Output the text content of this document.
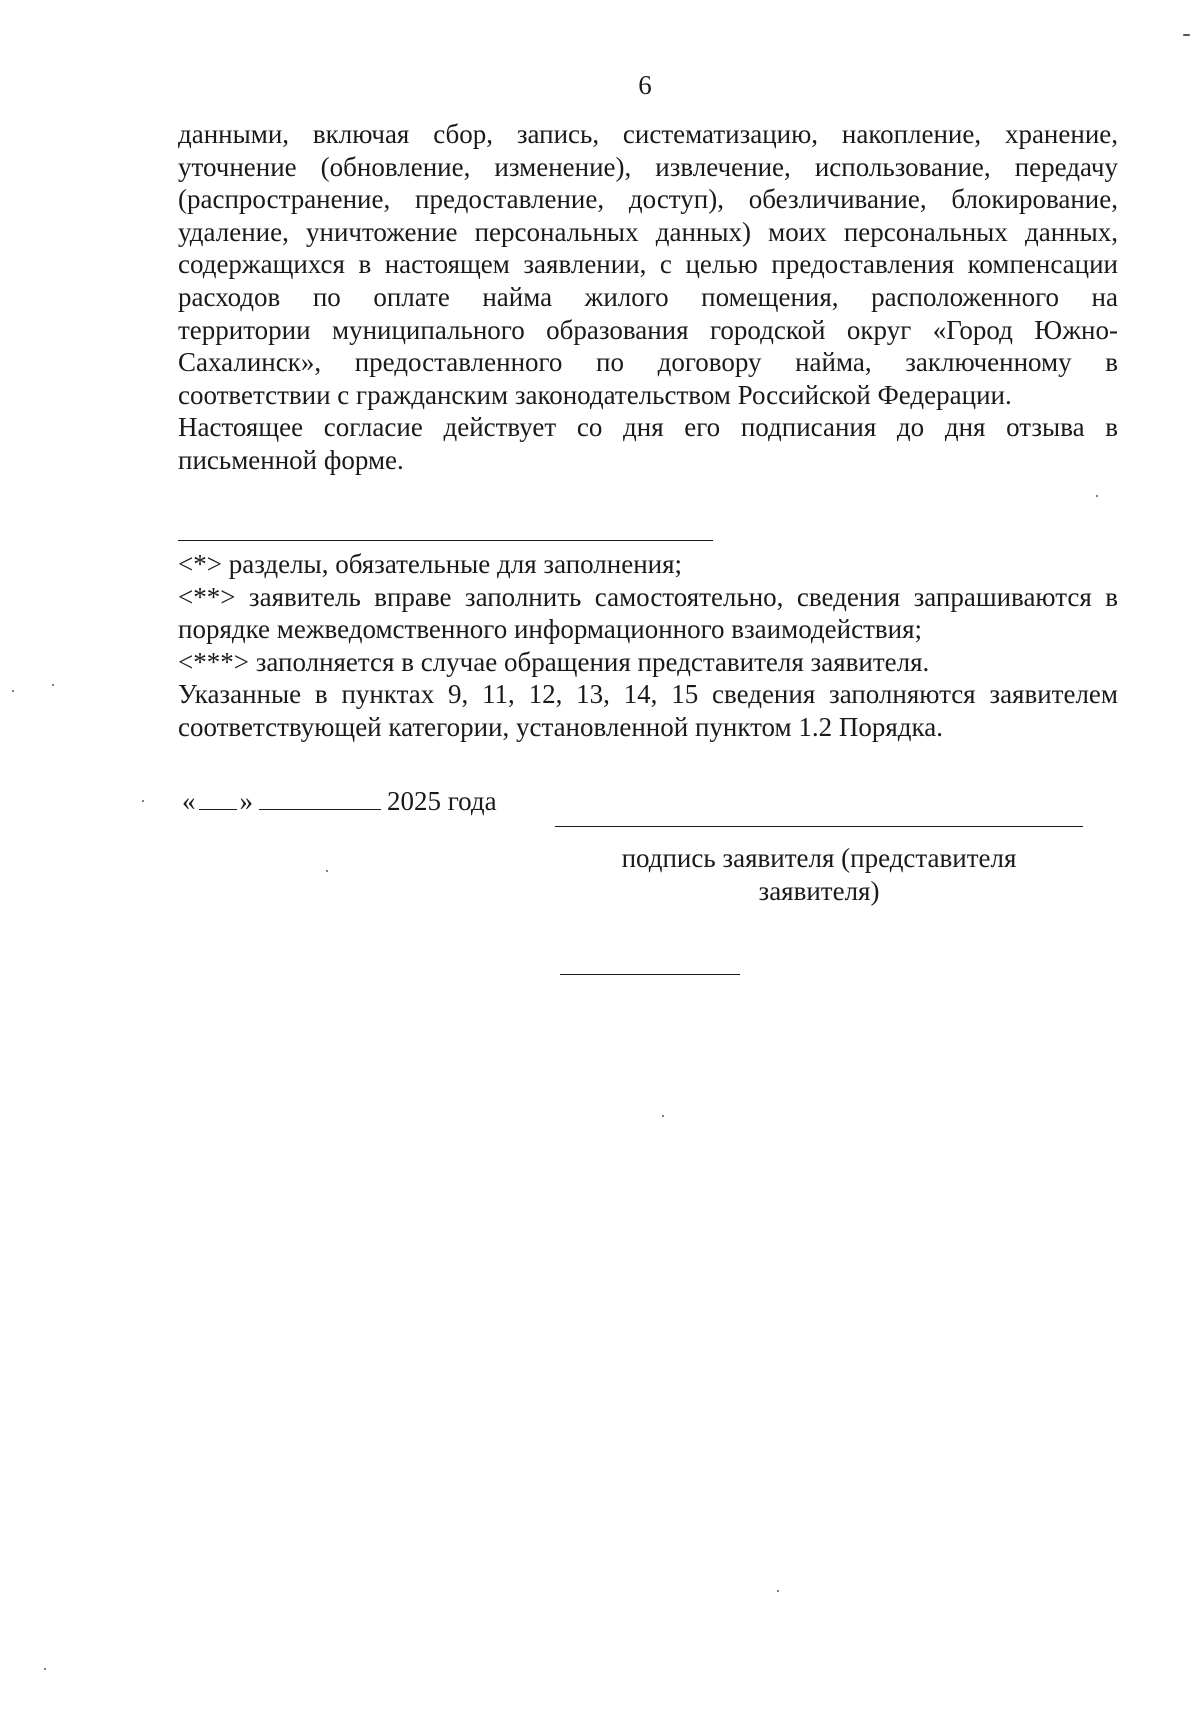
6
данными, включая сбор, запись, систематизацию, накопление, хранение,
уточнение (обновление, изменение), извлечение, использование, передачу
(распространение, предоставление, доступ), обезличивание, блокирование,
удаление, уничтожение персональных данных) моих персональных данных,
содержащихся в настоящем заявлении, с целью предоставления компенсации
расходов по оплате найма жилого помещения, расположенного на
территории муниципального образования городской округ «Город Южно-
Сахалинск», предоставленного по договору найма, заключенному в
соответствии с гражданским законодательством Российской Федерации.
Настоящее согласие действует со дня его подписания до дня отзыва в
письменной форме.
<*> разделы, обязательные для заполнения;
<**> заявитель вправе заполнить самостоятельно, сведения запрашиваются в
порядке межведомственного информационного взаимодействия;
<***> заполняется в случае обращения представителя заявителя.
Указанные в пунктах 9, 11, 12, 13, 14, 15 сведения заполняются заявителем
соответствующей категории, установленной пунктом 1.2 Порядка.
« »	2025 года
подпись заявителя (представителя
заявителя)
